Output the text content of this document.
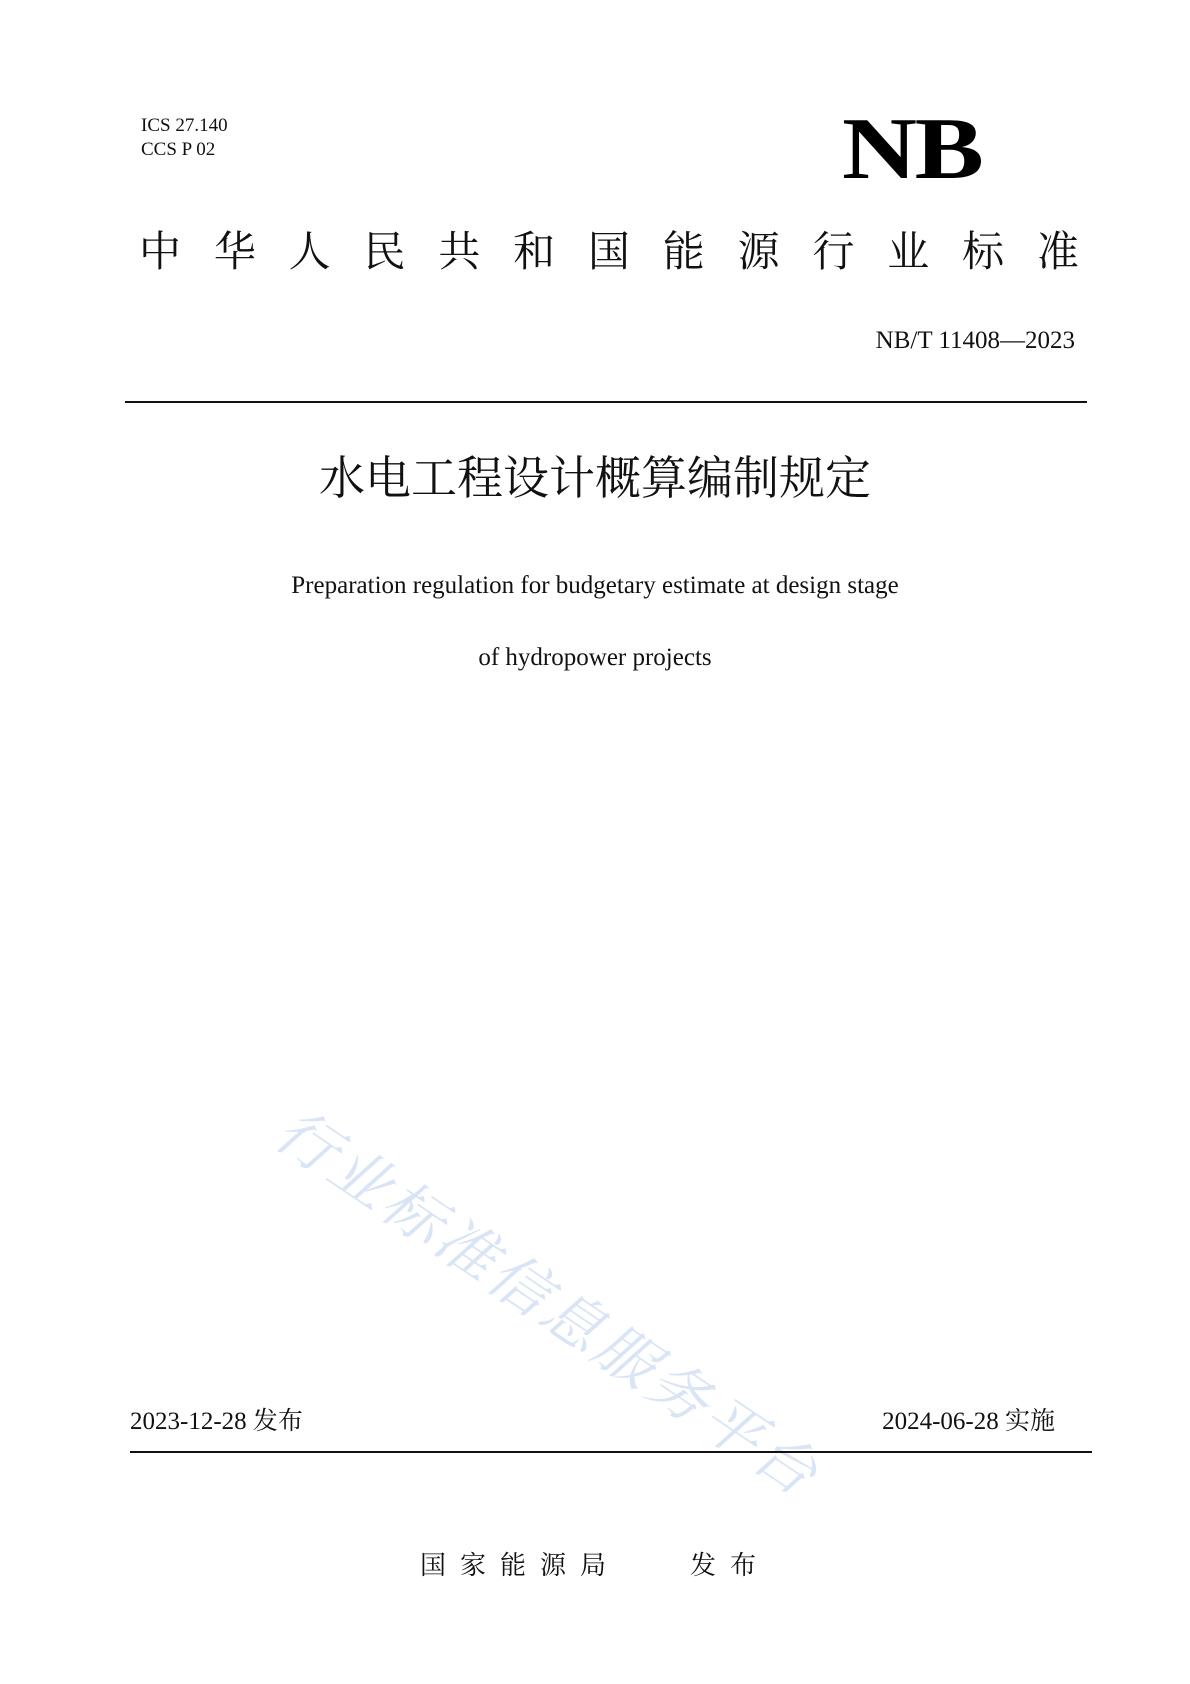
ICS 27.140
CCS P 02	NB
中 华 人 民 共 和 国 能 源 行 业 标 准
NB/T 11408—2023
水电工程设计概算编制规定
Preparation regulation for budgetary estimate at design stage
of hydropower projects
行业标准信息服务平台
2023-12-28 发布	2024-06-28 实施
国家能源局	发布
